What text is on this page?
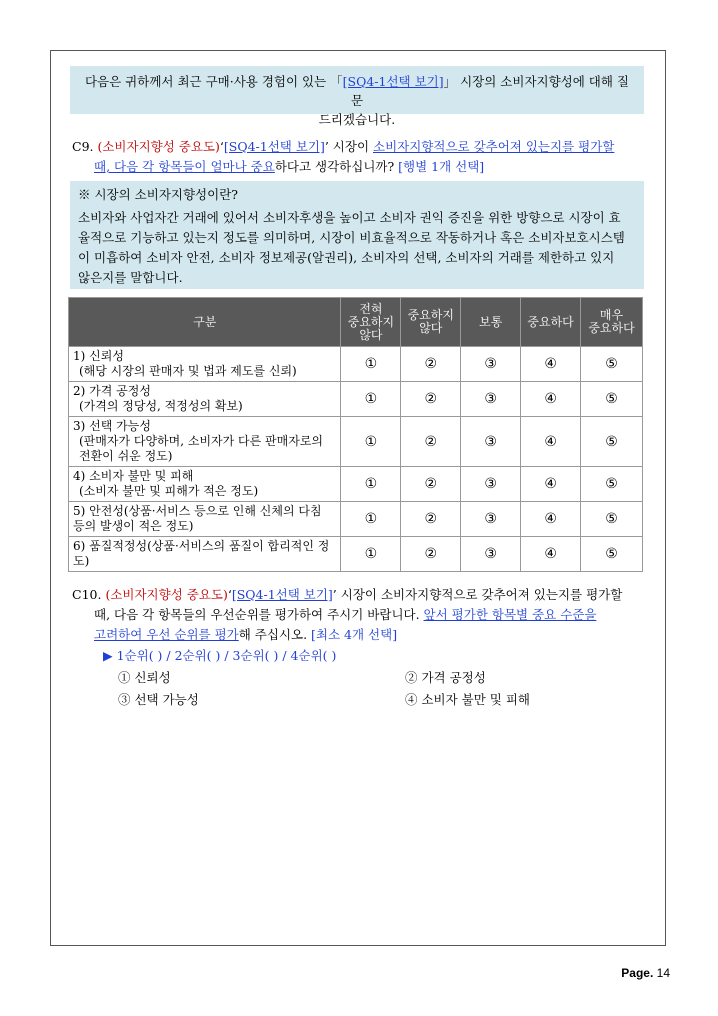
다음은 귀하께서 최근 구매·사용 경험이 있는 「[SQ4-1선택 보기]」 시장의 소비자지향성에 대해 질문
드리겠습니다.
C9. (소비자지향성 중요도)‘[SQ4-1선택 보기]’ 시장이 소비자지향적으로 갖추어져 있는지를 평가할
때, 다음 각 항목들이 얼마나 중요하다고 생각하십니까? [행별 1개 선택]
※ 시장의 소비자지향성이란?
소비자와 사업자간 거래에 있어서 소비자후생을 높이고 소비자 권익 증진을 위한 방향으로 시장이 효
율적으로 기능하고 있는지 정도를 의미하며, 시장이 비효율적으로 작동하거나 혹은 소비자보호시스템
이 미흡하여 소비자 안전, 소비자 정보제공(알권리), 소비자의 선택, 소비자의 거래를 제한하고 있지
않은지를 말합니다.
구분	전혀
중요하지
않다	중요하지
않다	보통	중요하다	매우
중요하다

1) 신뢰성
(해당 시장의 판매자 및 법과 제도를 신뢰)	①	②	③	④	⑤

2) 가격 공정성
(가격의 정당성, 적정성의 확보)	①	②	③	④	⑤

3) 선택 가능성
(판매자가 다양하며, 소비자가 다른 판매자로의 전환이 쉬운 정도)	①	②	③	④	⑤

4) 소비자 불만 및 피해
(소비자 불만 및 피해가 적은 정도)	①	②	③	④	⑤

5) 안전성(상품·서비스 등으로 인해 신체의 다침 등의 발생이 적은 정도)	①	②	③	④	⑤

6) 품질적정성(상품·서비스의 품질이 합리적인 정도)	①	②	③	④	⑤
C10. (소비자지향성 중요도)‘[SQ4-1선택 보기]’ 시장이 소비자지향적으로 갖추어져 있는지를 평가할
때, 다음 각 항목들의 우선순위를 평가하여 주시기 바랍니다. 앞서 평가한 항목별 중요 수준을
고려하여 우선 순위를 평가해 주십시오. [최소 4개 선택]
▶ 1순위( ) / 2순위( ) / 3순위( ) / 4순위( )
① 신뢰성	② 가격 공정성
③ 선택 가능성	④ 소비자 불만 및 피해
Page. 14
